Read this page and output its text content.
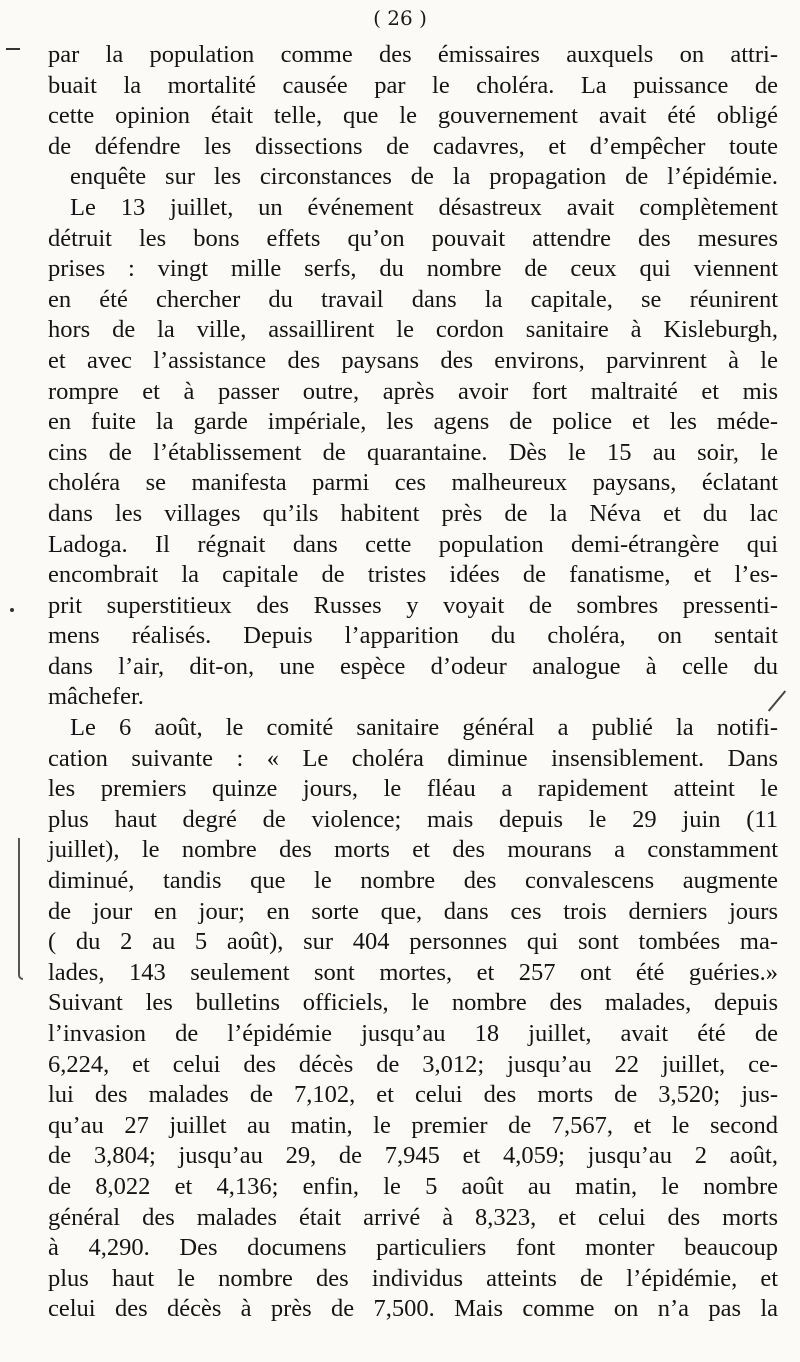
( 26 )
par la population comme des émissaires auxquels on attri-
buait la mortalité causée par le choléra. La puissance de
cette opinion était telle, que le gouvernement avait été obligé
de défendre les dissections de cadavres, et d’empêcher toute
enquête sur les circonstances de la propagation de l’épidémie.
Le 13 juillet, un événement désastreux avait complètement
détruit les bons effets qu’on pouvait attendre des mesures
prises : vingt mille serfs, du nombre de ceux qui viennent
en été chercher du travail dans la capitale, se réunirent
hors de la ville, assaillirent le cordon sanitaire à Kisleburgh,
et avec l’assistance des paysans des environs, parvinrent à le
rompre et à passer outre, après avoir fort maltraité et mis
en fuite la garde impériale, les agens de police et les méde-
cins de l’établissement de quarantaine. Dès le 15 au soir, le
choléra se manifesta parmi ces malheureux paysans, éclatant
dans les villages qu’ils habitent près de la Néva et du lac
Ladoga. Il régnait dans cette population demi-étrangère qui
encombrait la capitale de tristes idées de fanatisme, et l’es-
prit superstitieux des Russes y voyait de sombres pressenti-
mens réalisés. Depuis l’apparition du choléra, on sentait
dans l’air, dit-on, une espèce d’odeur analogue à celle du
mâchefer.
Le 6 août, le comité sanitaire général a publié la notifi-
cation suivante : « Le choléra diminue insensiblement. Dans
les premiers quinze jours, le fléau a rapidement atteint le
plus haut degré de violence; mais depuis le 29 juin (11
juillet), le nombre des morts et des mourans a constamment
diminué, tandis que le nombre des convalescens augmente
de jour en jour; en sorte que, dans ces trois derniers jours
( du 2 au 5 août), sur 404 personnes qui sont tombées ma-
lades, 143 seulement sont mortes, et 257 ont été guéries.»
Suivant les bulletins officiels, le nombre des malades, depuis
l’invasion de l’épidémie jusqu’au 18 juillet, avait été de
6,224, et celui des décès de 3,012; jusqu’au 22 juillet, ce-
lui des malades de 7,102, et celui des morts de 3,520; jus-
qu’au 27 juillet au matin, le premier de 7,567, et le second
de 3,804; jusqu’au 29, de 7,945 et 4,059; jusqu’au 2 août,
de 8,022 et 4,136; enfin, le 5 août au matin, le nombre
général des malades était arrivé à 8,323, et celui des morts
à 4,290. Des documens particuliers font monter beaucoup
plus haut le nombre des individus atteints de l’épidémie, et
celui des décès à près de 7,500. Mais comme on n’a pas la
